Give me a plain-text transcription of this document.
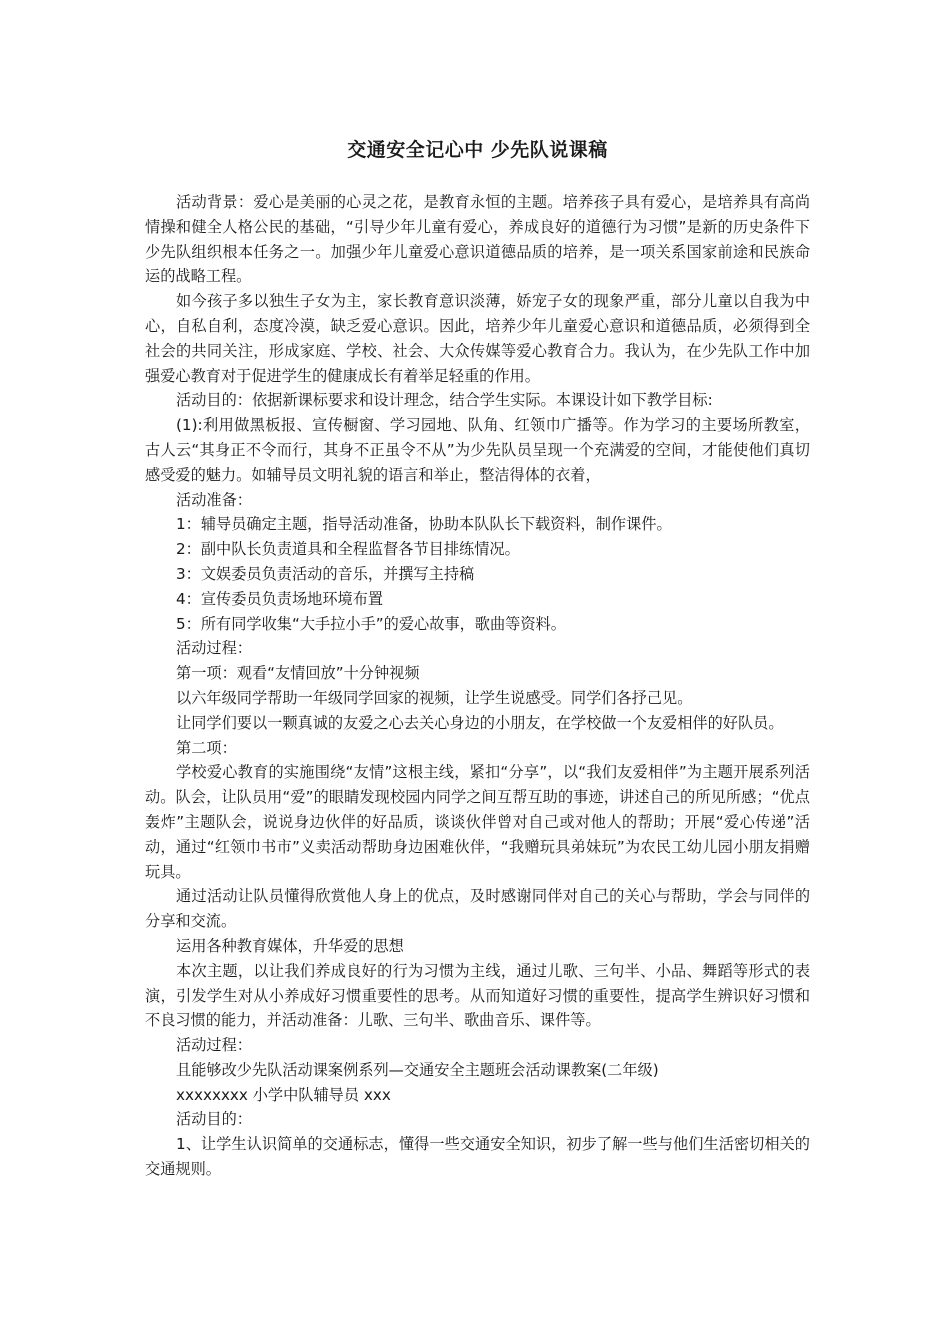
交通安全记心中 少先队说课稿

活动背景：爱心是美丽的心灵之花，是教育永恒的主题。培养孩子具有爱心，是培养具有高尚情操和健全人格公民的基础，“引导少年儿童有爱心，养成良好的道德行为习惯”是新的历史条件下少先队组织根本任务之一。加强少年儿童爱心意识道德品质的培养，是一项关系国家前途和民族命运的战略工程。

如今孩子多以独生子女为主，家长教育意识淡薄，娇宠子女的现象严重，部分儿童以自我为中心，自私自利，态度冷漠，缺乏爱心意识。因此，培养少年儿童爱心意识和道德品质，必须得到全社会的共同关注，形成家庭、学校、社会、大众传媒等爱心教育合力。我认为，在少先队工作中加强爱心教育对于促进学生的健康成长有着举足轻重的作用。

活动目的：依据新课标要求和设计理念，结合学生实际。本课设计如下教学目标:

(1):利用做黑板报、宣传橱窗、学习园地、队角、红领巾广播等。作为学习的主要场所教室，古人云“其身正不令而行，其身不正虽令不从”为少先队员呈现一个充满爱的空间，才能使他们真切感受爱的魅力。如辅导员文明礼貌的语言和举止，整洁得体的衣着，

活动准备：

1：辅导员确定主题，指导活动准备，协助本队队长下载资料，制作课件。

2：副中队长负责道具和全程监督各节目排练情况。

3：文娱委员负责活动的音乐，并撰写主持稿

4：宣传委员负责场地环境布置

5：所有同学收集“大手拉小手”的爱心故事，歌曲等资料。

活动过程：

第一项：观看“友情回放”十分钟视频

以六年级同学帮助一年级同学回家的视频，让学生说感受。同学们各抒己见。

让同学们要以一颗真诚的友爱之心去关心身边的小朋友，在学校做一个友爱相伴的好队员。

第二项：

学校爱心教育的实施围绕“友情”这根主线，紧扣“分享”，以“我们友爱相伴”为主题开展系列活动。队会，让队员用“爱”的眼睛发现校园内同学之间互帮互助的事迹，讲述自己的所见所感；“优点轰炸”主题队会，说说身边伙伴的好品质，谈谈伙伴曾对自己或对他人的帮助；开展“爱心传递”活动，通过“红领巾书市”义卖活动帮助身边困难伙伴，“我赠玩具弟妹玩”为农民工幼儿园小朋友捐赠玩具。

通过活动让队员懂得欣赏他人身上的优点，及时感谢同伴对自己的关心与帮助，学会与同伴的分享和交流。

运用各种教育媒体，升华爱的思想

本次主题，以让我们养成良好的行为习惯为主线，通过儿歌、三句半、小品、舞蹈等形式的表演，引发学生对从小养成好习惯重要性的思考。从而知道好习惯的重要性，提高学生辨识好习惯和不良习惯的能力，并活动准备：儿歌、三句半、歌曲音乐、课件等。

活动过程：

且能够改少先队活动课案例系列—交通安全主题班会活动课教案(二年级)

xxxxxxxx 小学中队辅导员 xxx

活动目的：

1、让学生认识简单的交通标志，懂得一些交通安全知识，初步了解一些与他们生活密切相关的交通规则。
